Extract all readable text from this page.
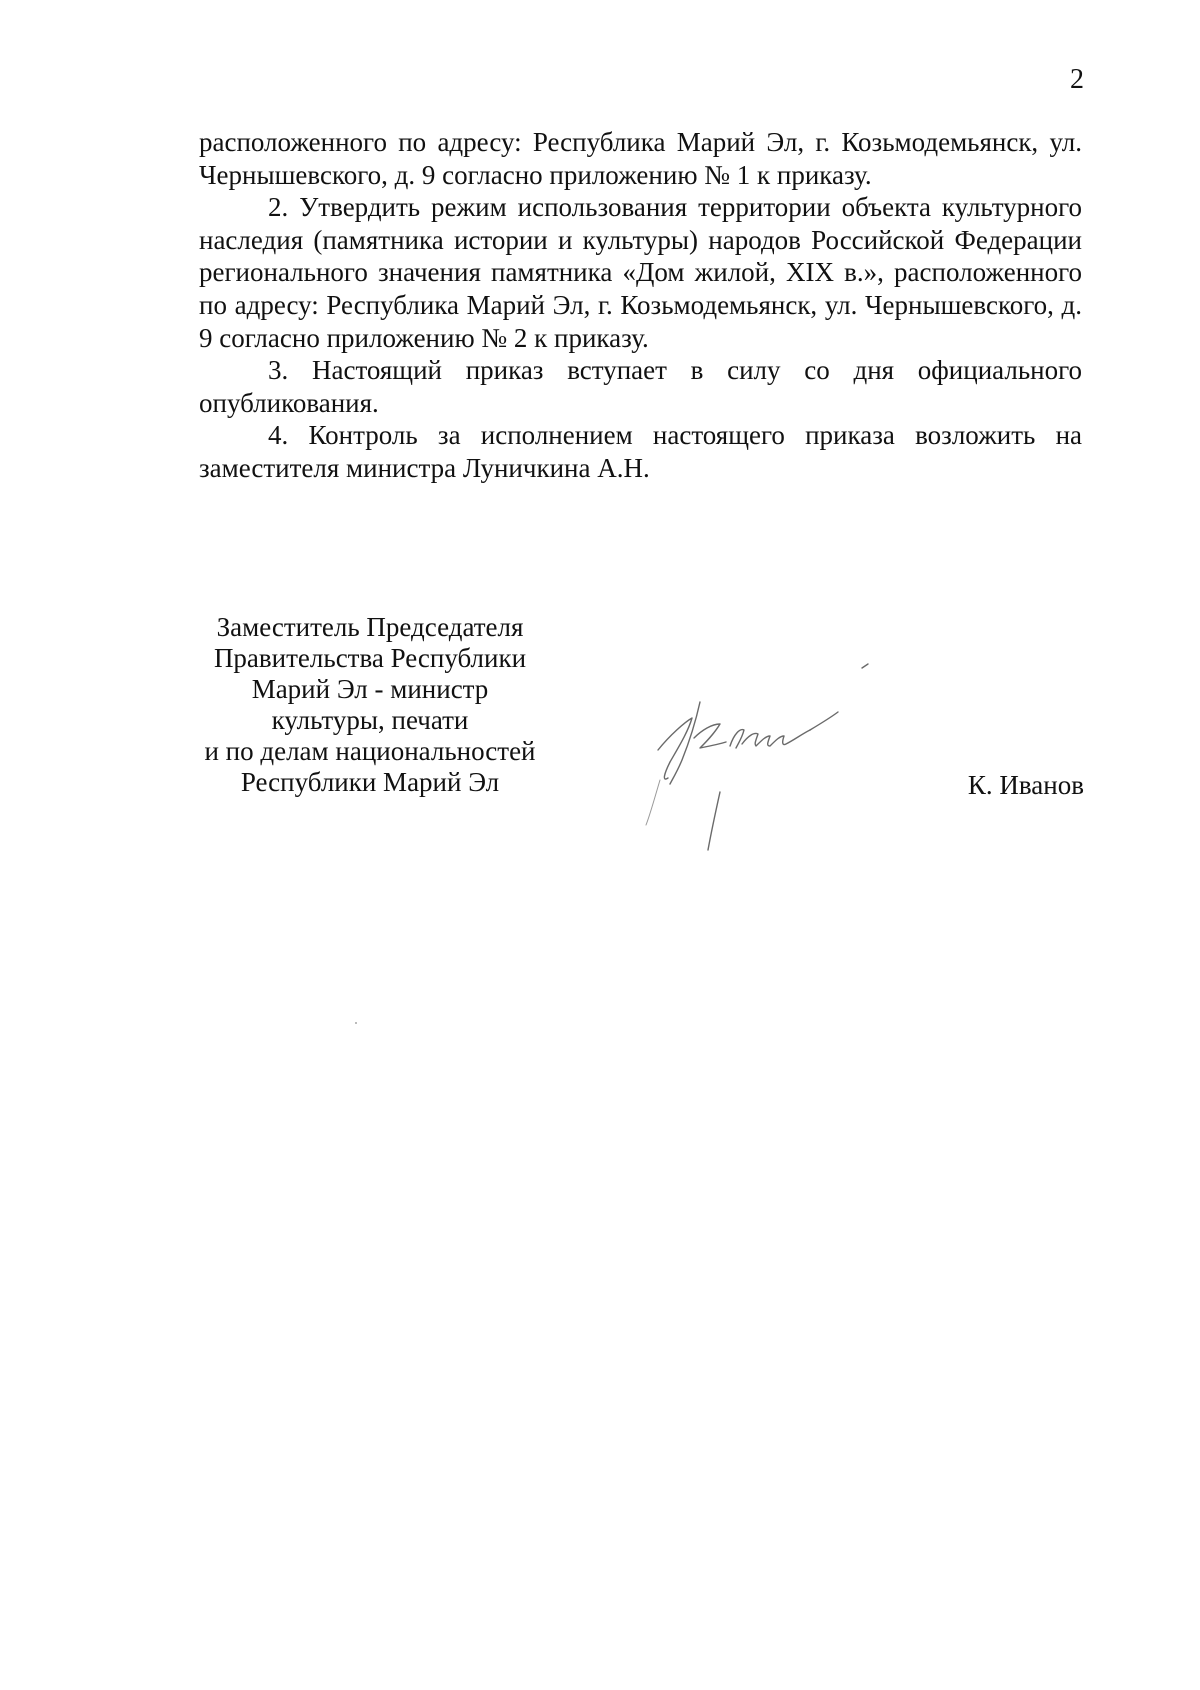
2

расположенного по адресу: Республика Марий Эл, г. Козьмодемьянск, ул. Чернышевского, д. 9 согласно приложению № 1 к приказу.

2. Утвердить режим использования территории объекта культурного наследия (памятника истории и культуры) народов Российской Федерации регионального значения памятника «Дом жилой, XIX в.», расположенного по адресу: Республика Марий Эл, г. Козьмодемьянск, ул. Чернышевского, д. 9 согласно приложению № 2 к приказу.

3. Настоящий приказ вступает в силу со дня официального опубликования.

4. Контроль за исполнением настоящего приказа возложить на заместителя министра Луничкина А.Н.

Заместитель Председателя
Правительства Республики
Марий Эл - министр
культуры, печати
и по делам национальностей
Республики Марий Эл	К. Иванов
